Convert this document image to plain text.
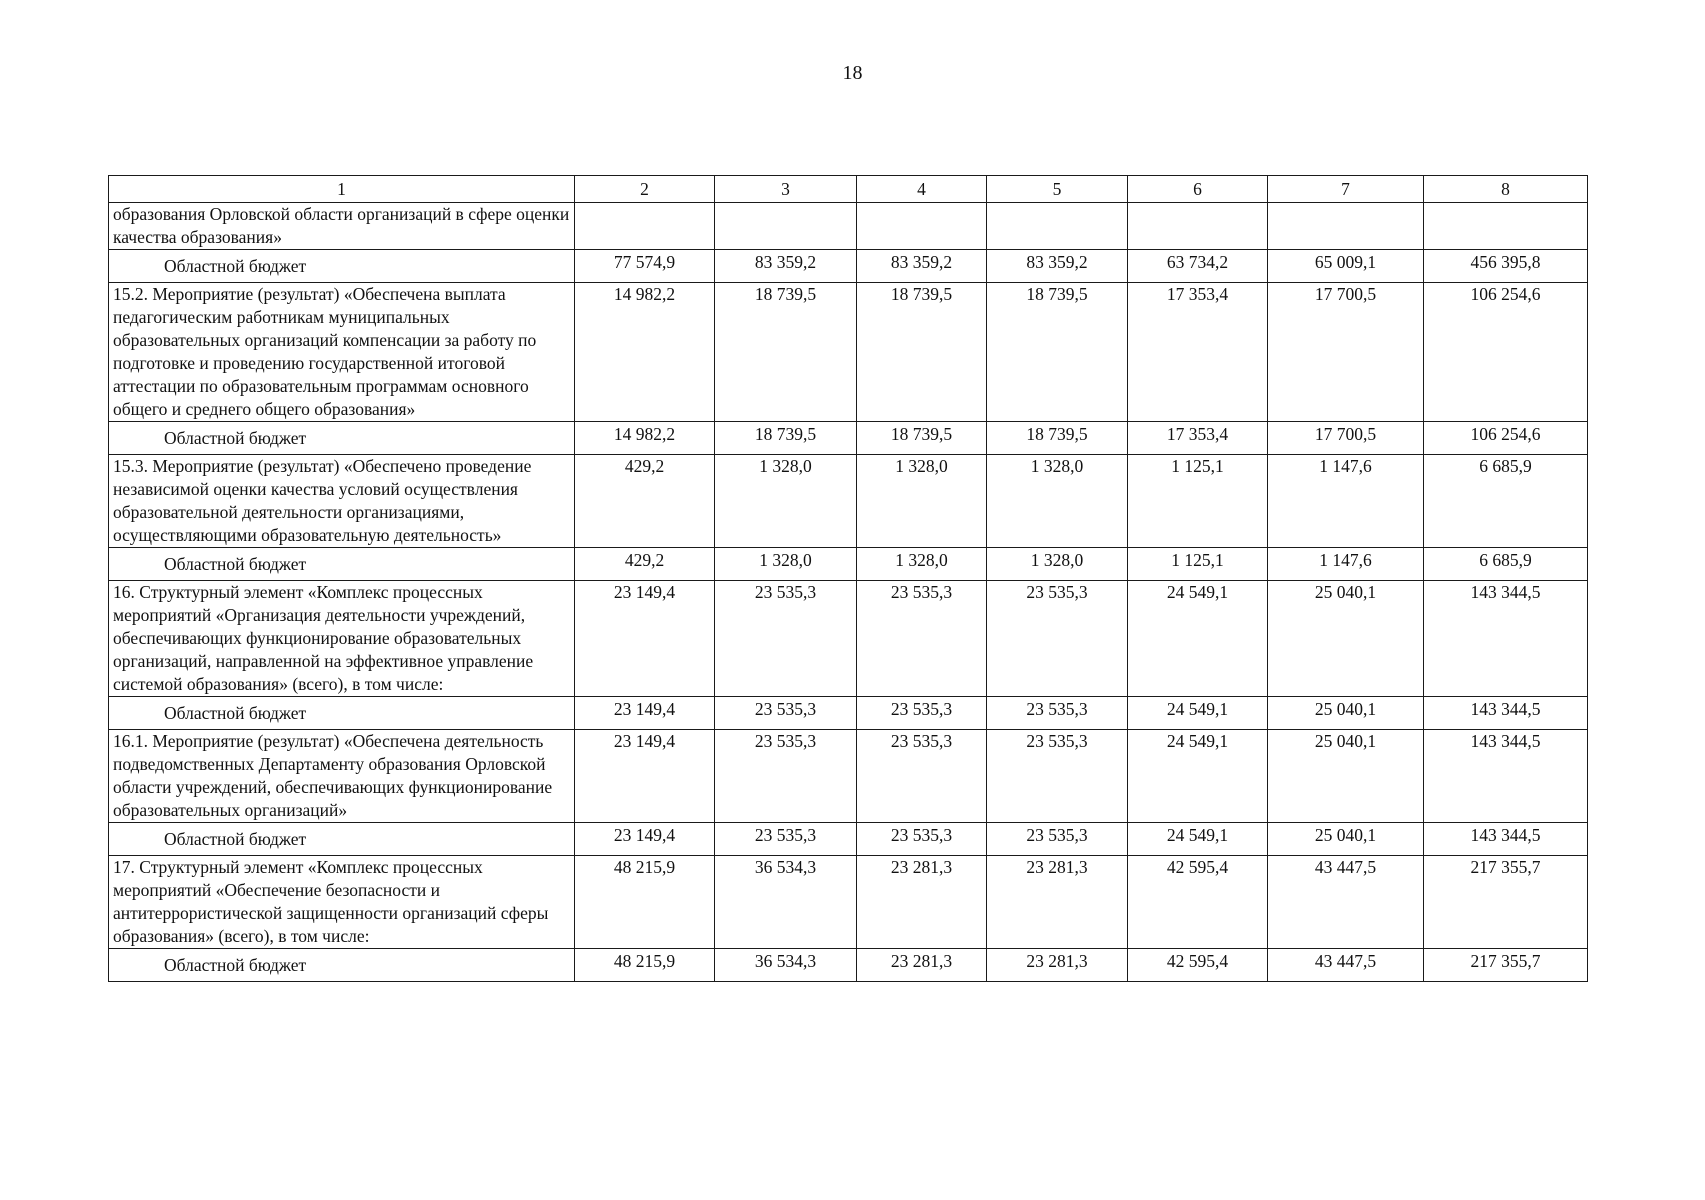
18
1	2	3	4	5	6	7	8
образования Орловской области организаций в сфере оценки качества образования»							
Областной бюджет	77 574,9	83 359,2	83 359,2	83 359,2	63 734,2	65 009,1	456 395,8
15.2. Мероприятие (результат) «Обеспечена выплата педагогическим работникам муниципальных образовательных организаций компенсации за работу по подготовке и проведению государственной итоговой аттестации по образовательным программам основного общего и среднего общего образования»	14 982,2	18 739,5	18 739,5	18 739,5	17 353,4	17 700,5	106 254,6
Областной бюджет	14 982,2	18 739,5	18 739,5	18 739,5	17 353,4	17 700,5	106 254,6
15.3. Мероприятие (результат) «Обеспечено проведение независимой оценки качества условий осуществления образовательной деятельности организациями, осуществляющими образовательную деятельность»	429,2	1 328,0	1 328,0	1 328,0	1 125,1	1 147,6	6 685,9
Областной бюджет	429,2	1 328,0	1 328,0	1 328,0	1 125,1	1 147,6	6 685,9
16. Структурный элемент «Комплекс процессных мероприятий «Организация деятельности учреждений, обеспечивающих функционирование образовательных организаций, направленной на эффективное управление системой образования» (всего), в том числе:	23 149,4	23 535,3	23 535,3	23 535,3	24 549,1	25 040,1	143 344,5
Областной бюджет	23 149,4	23 535,3	23 535,3	23 535,3	24 549,1	25 040,1	143 344,5
16.1. Мероприятие (результат) «Обеспечена деятельность подведомственных Департаменту образования Орловской области учреждений, обеспечивающих функционирование образовательных организаций»	23 149,4	23 535,3	23 535,3	23 535,3	24 549,1	25 040,1	143 344,5
Областной бюджет	23 149,4	23 535,3	23 535,3	23 535,3	24 549,1	25 040,1	143 344,5
17. Структурный элемент «Комплекс процессных мероприятий «Обеспечение безопасности и антитеррористической защищенности организаций сферы образования» (всего), в том числе:	48 215,9	36 534,3	23 281,3	23 281,3	42 595,4	43 447,5	217 355,7
Областной бюджет	48 215,9	36 534,3	23 281,3	23 281,3	42 595,4	43 447,5	217 355,7
